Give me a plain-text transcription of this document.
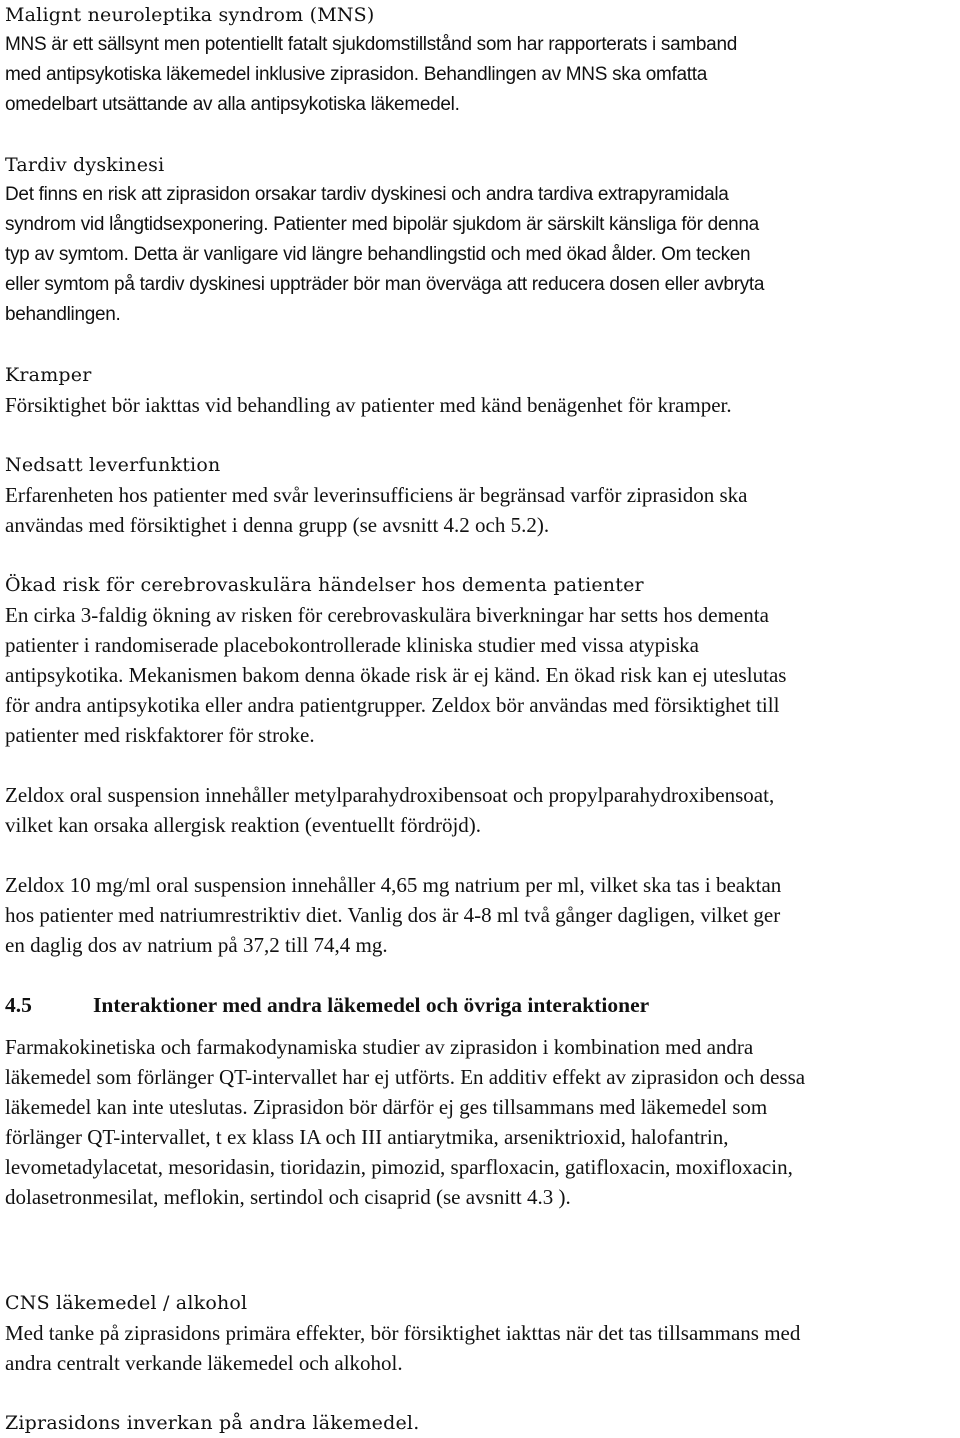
Malignt neuroleptika syndrom (MNS)

MNS är ett sällsynt men potentiellt fatalt sjukdomstillstånd som har rapporterats i samband

med antipsykotiska läkemedel inklusive ziprasidon. Behandlingen av MNS ska omfatta

omedelbart utsättande av alla antipsykotiska läkemedel.

Tardiv dyskinesi

Det finns en risk att ziprasidon orsakar tardiv dyskinesi och andra tardiva extrapyramidala

syndrom vid långtidsexponering. Patienter med bipolär sjukdom är särskilt känsliga för denna

typ av symtom. Detta är vanligare vid längre behandlingstid och med ökad ålder. Om tecken

eller symtom på tardiv dyskinesi uppträder bör man överväga att reducera dosen eller avbryta

behandlingen.

Kramper

Försiktighet bör iakttas vid behandling av patienter med känd benägenhet för kramper.

Nedsatt leverfunktion

Erfarenheten hos patienter med svår leverinsufficiens är begränsad varför ziprasidon ska

användas med försiktighet i denna grupp (se avsnitt 4.2 och 5.2).

Ökad risk för cerebrovaskulära händelser hos dementa patienter

En cirka 3-faldig ökning av risken för cerebrovaskulära biverkningar har setts hos dementa

patienter i randomiserade placebokontrollerade kliniska studier med vissa atypiska

antipsykotika. Mekanismen bakom denna ökade risk är ej känd. En ökad risk kan ej uteslutas

för andra antipsykotika eller andra patientgrupper. Zeldox bör användas med försiktighet till

patienter med riskfaktorer för stroke.

Zeldox oral suspension innehåller metylparahydroxibensoat och propylparahydroxibensoat,

vilket kan orsaka allergisk reaktion (eventuellt fördröjd).

Zeldox 10 mg/ml oral suspension innehåller 4,65 mg natrium per ml, vilket ska tas i beaktan

hos patienter med natriumrestriktiv diet. Vanlig dos är 4-8 ml två gånger dagligen, vilket ger

en daglig dos av natrium på 37,2 till 74,4 mg.

4.5	Interaktioner med andra läkemedel och övriga interaktioner

Farmakokinetiska och farmakodynamiska studier av ziprasidon i kombination med andra

läkemedel som förlänger QT-intervallet har ej utförts. En additiv effekt av ziprasidon och dessa

läkemedel kan inte uteslutas. Ziprasidon bör därför ej ges tillsammans med läkemedel som

förlänger QT-intervallet, t ex klass IA och III antiarytmika, arseniktrioxid, halofantrin,

levometadylacetat, mesoridasin, tioridazin, pimozid, sparfloxacin, gatifloxacin, moxifloxacin,

dolasetronmesilat, meflokin, sertindol och cisaprid (se avsnitt 4.3 ).

CNS läkemedel / alkohol

Med tanke på ziprasidons primära effekter, bör försiktighet iakttas när det tas tillsammans med

andra centralt verkande läkemedel och alkohol.

Ziprasidons inverkan på andra läkemedel.
